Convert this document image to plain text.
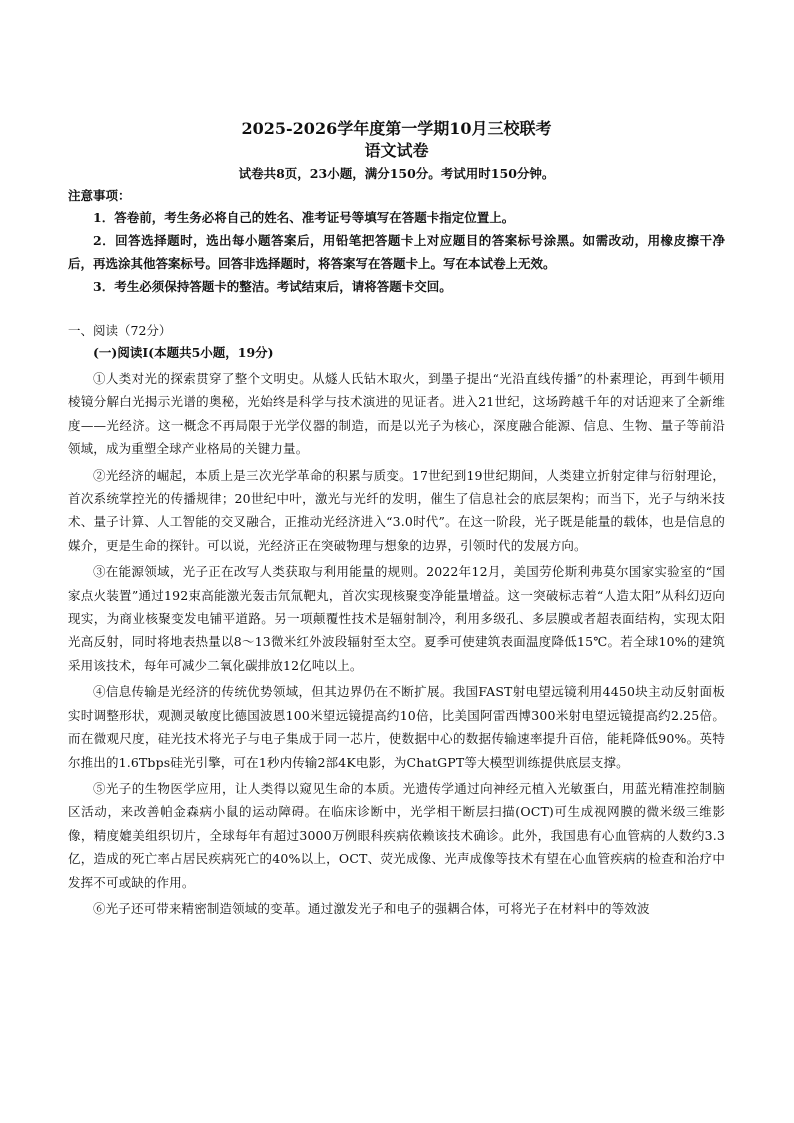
2025-2026学年度第一学期10月三校联考
语文试卷

试卷共8页，23小题，满分150分。考试用时150分钟。

注意事项：

1．答卷前，考生务必将自己的姓名、准考证号等填写在答题卡指定位置上。

2．回答选择题时，选出每小题答案后，用铅笔把答题卡上对应题目的答案标号涂黑。如需改动，用橡皮擦干净后，再选涂其他答案标号。回答非选择题时，将答案写在答题卡上。写在本试卷上无效。

3．考生必须保持答题卡的整洁。考试结束后，请将答题卡交回。

一、阅读（72分）

(一)阅读Ⅰ(本题共5小题，19分)

①人类对光的探索贯穿了整个文明史。从燧人氏钻木取火，到墨子提出“光沿直线传播”的朴素理论，再到牛顿用棱镜分解白光揭示光谱的奥秘，光始终是科学与技术演进的见证者。进入21世纪，这场跨越千年的对话迎来了全新维度——光经济。这一概念不再局限于光学仪器的制造，而是以光子为核心，深度融合能源、信息、生物、量子等前沿领域，成为重塑全球产业格局的关键力量。

②光经济的崛起，本质上是三次光学革命的积累与质变。17世纪到19世纪期间，人类建立折射定律与衍射理论，首次系统掌控光的传播规律；20世纪中叶，激光与光纤的发明，催生了信息社会的底层架构；而当下，光子与纳米技术、量子计算、人工智能的交叉融合，正推动光经济进入“3.0时代”。在这一阶段，光子既是能量的载体，也是信息的媒介，更是生命的探针。可以说，光经济正在突破物理与想象的边界，引领时代的发展方向。

③在能源领域，光子正在改写人类获取与利用能量的规则。2022年12月，美国劳伦斯利弗莫尔国家实验室的“国家点火装置”通过192束高能激光轰击氘氚靶丸，首次实现核聚变净能量增益。这一突破标志着“人造太阳”从科幻迈向现实，为商业核聚变发电铺平道路。另一项颠覆性技术是辐射制冷，利用多级孔、多层膜或者超表面结构，实现太阳光高反射，同时将地表热量以8～13微米红外波段辐射至太空。夏季可使建筑表面温度降低15℃。若全球10%的建筑采用该技术，每年可减少二氧化碳排放12亿吨以上。

④信息传输是光经济的传统优势领域，但其边界仍在不断扩展。我国FAST射电望远镜利用4450块主动反射面板实时调整形状，观测灵敏度比德国波恩100米望远镜提高约10倍，比美国阿雷西博300米射电望远镜提高约2.25倍。而在微观尺度，硅光技术将光子与电子集成于同一芯片，使数据中心的数据传输速率提升百倍，能耗降低90%。英特尔推出的1.6Tbps硅光引擎，可在1秒内传输2部4K电影，为ChatGPT等大模型训练提供底层支撑。

⑤光子的生物医学应用，让人类得以窥见生命的本质。光遗传学通过向神经元植入光敏蛋白，用蓝光精准控制脑区活动，来改善帕金森病小鼠的运动障碍。在临床诊断中，光学相干断层扫描(OCT)可生成视网膜的微米级三维影像，精度媲美组织切片，全球每年有超过3000万例眼科疾病依赖该技术确诊。此外，我国患有心血管病的人数约3.3亿，造成的死亡率占居民疾病死亡的40%以上，OCT、荧光成像、光声成像等技术有望在心血管疾病的检查和治疗中发挥不可或缺的作用。

⑥光子还可带来精密制造领域的变革。通过激发光子和电子的强耦合体，可将光子在材料中的等效波
